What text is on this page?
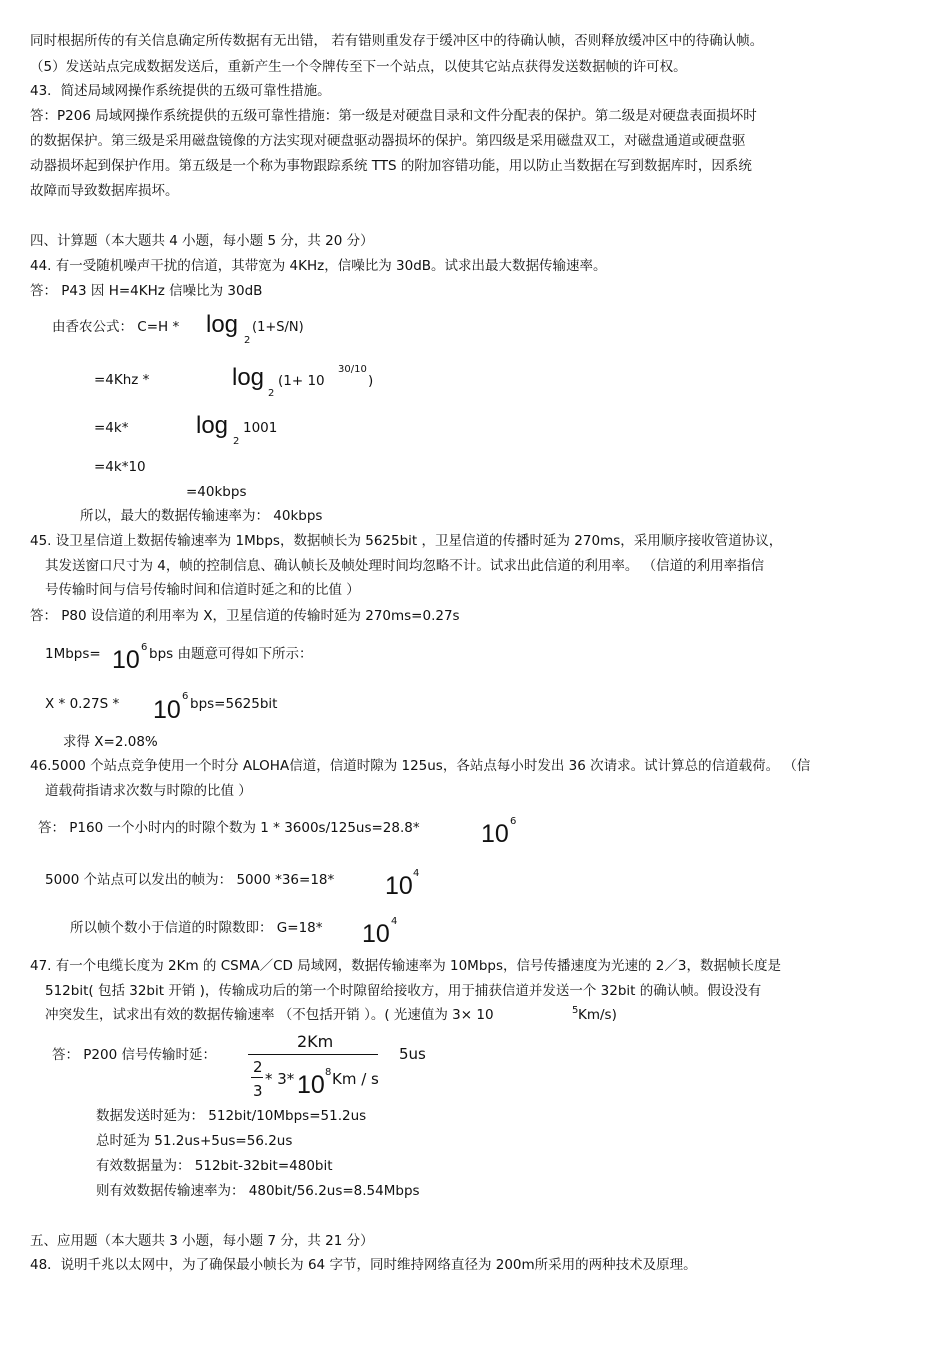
同时根据所传的有关信息确定所传数据有无出错， 若有错则重发存于缓冲区中的待确认帧，否则释放缓冲区中的待确认帧。
（5）发送站点完成数据发送后，重新产生一个令牌传至下一个站点，以使其它站点获得发送数据帧的许可权。
43．简述局域网操作系统提供的五级可靠性措施。
答：P206 局域网操作系统提供的五级可靠性措施：第一级是对硬盘目录和文件分配表的保护。第二级是对硬盘表面损坏时
的数据保护。第三级是采用磁盘镜像的方法实现对硬盘驱动器损坏的保护。第四级是采用磁盘双工，对磁盘通道或硬盘驱
动器损坏起到保护作用。第五级是一个称为事物跟踪系统 TTS 的附加容错功能，用以防止当数据在写到数据库时，因系统
故障而导致数据库损坏。
四、计算题（本大题共 4 小题，每小题 5 分，共 20 分）
44. 有一受随机噪声干扰的信道，其带宽为 4KHz，信噪比为 30dB。试求出最大数据传输速率。
答： P43 因 H=4KHz 信噪比为 30dB
由香农公式： C=H * log
2
(1+S/N)
=4Khz *	log
2
(1+ 10
30/10
)
=4k*	log
2
1001
=4k*10
=40kbps
所以，最大的数据传输速率为： 40kbps
45. 设卫星信道上数据传输速率为 1Mbps，数据帧长为 5625bit ，卫星信道的传播时延为 270ms，采用顺序接收管道协议，
其发送窗口尺寸为 4，帧的控制信息、确认帧长及帧处理时间均忽略不计。试求出此信道的利用率。 （信道的利用率指信
号传输时间与信号传输时间和信道时延之和的比值 ）
答： P80 设信道的利用率为 X，卫星信道的传输时延为 270ms=0.27s
1Mbps= 10 6 bps 由题意可得如下所示：
X * 0.27S * 10 6 bps=5625bit
求得 X=2.08%
46.5000 个站点竞争使用一个时分 ALOHA信道，信道时隙为 125us，各站点每小时发出 36 次请求。试计算总的信道载荷。 （信
道载荷指请求次数与时隙的比值 ）
答： P160 一个小时内的时隙个数为 1 * 3600s/125us=28.8* 10 6
5000 个站点可以发出的帧为： 5000 *36=18* 10 4
所以帧个数小于信道的时隙数即： G=18* 10 4
47. 有一个电缆长度为 2Km 的 CSMA／CD 局域网，数据传输速率为 10Mbps，信号传播速度为光速的 2／3，数据帧长度是
512bit( 包括 32bit 开销 )，传输成功后的第一个时隙留给接收方，用于捕获信道并发送一个 32bit 的确认帧。假设没有
冲突发生，试求出有效的数据传输速率 （不包括开销 ）。( 光速值为 3× 10	5 Km/s)
答： P200 信号传输时延：
2Km
2
3
* 3* 10 8 Km / s
5us
数据发送时延为： 512bit/10Mbps=51.2us
总时延为 51.2us+5us=56.2us
有效数据量为： 512bit-32bit=480bit
则有效数据传输速率为： 480bit/56.2us=8.54Mbps
五、应用题（本大题共 3 小题，每小题 7 分，共 21 分）
48．说明千兆以太网中，为了确保最小帧长为 64 字节，同时维持网络直径为 200m所采用的两种技术及原理。
